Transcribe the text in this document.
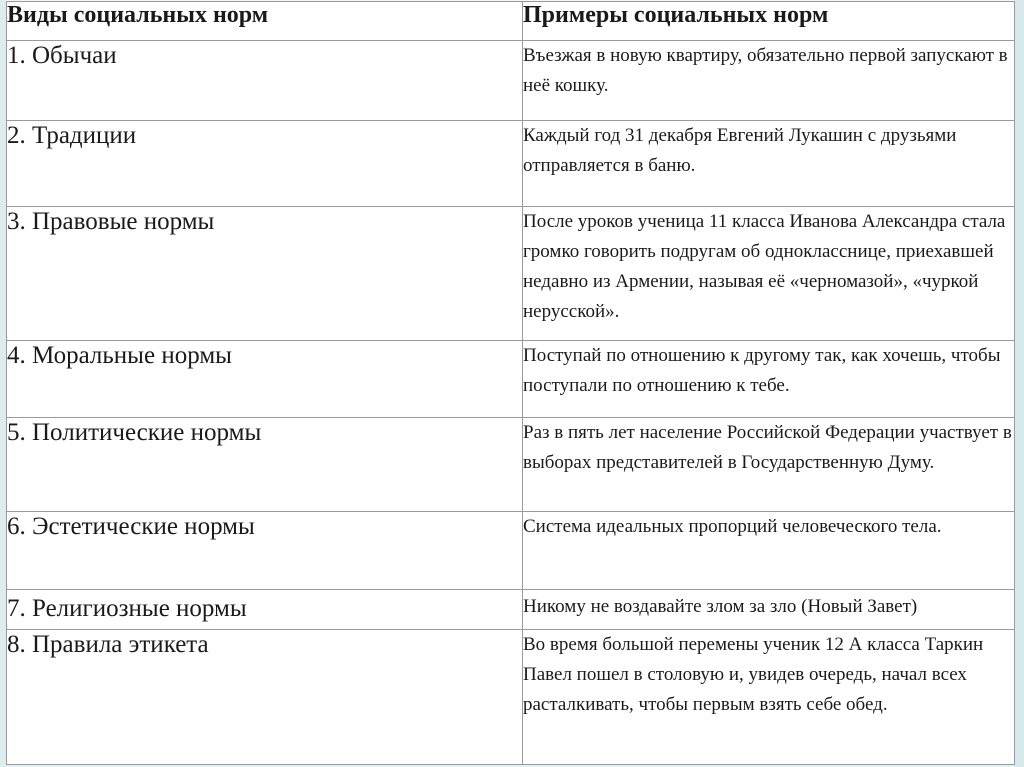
Виды социальных норм	Примеры социальных норм
1. Обычаи	Въезжая в новую квартиру, обязательно первой запускают в неё кошку.
2. Традиции	Каждый год 31 декабря Евгений Лукашин с друзьями отправляется в баню.
3. Правовые нормы	После уроков ученица 11 класса Иванова Александра стала громко говорить подругам об однокласснице, приехавшей недавно из Армении, называя её «черномазой», «чуркой нерусской».
4. Моральные нормы	Поступай по отношению к другому так, как хочешь, чтобы поступали по отношению к тебе.
5. Политические нормы	Раз в пять лет население Российской Федерации участвует в выборах представителей в Государственную Думу.
6. Эстетические нормы	Система идеальных пропорций человеческого тела.
7. Религиозные нормы	Никому не воздавайте злом за зло (Новый Завет)
8. Правила этикета	Во время большой перемены ученик 12 А класса Таркин Павел пошел в столовую и, увидев очередь, начал всех расталкивать, чтобы первым взять себе обед.
